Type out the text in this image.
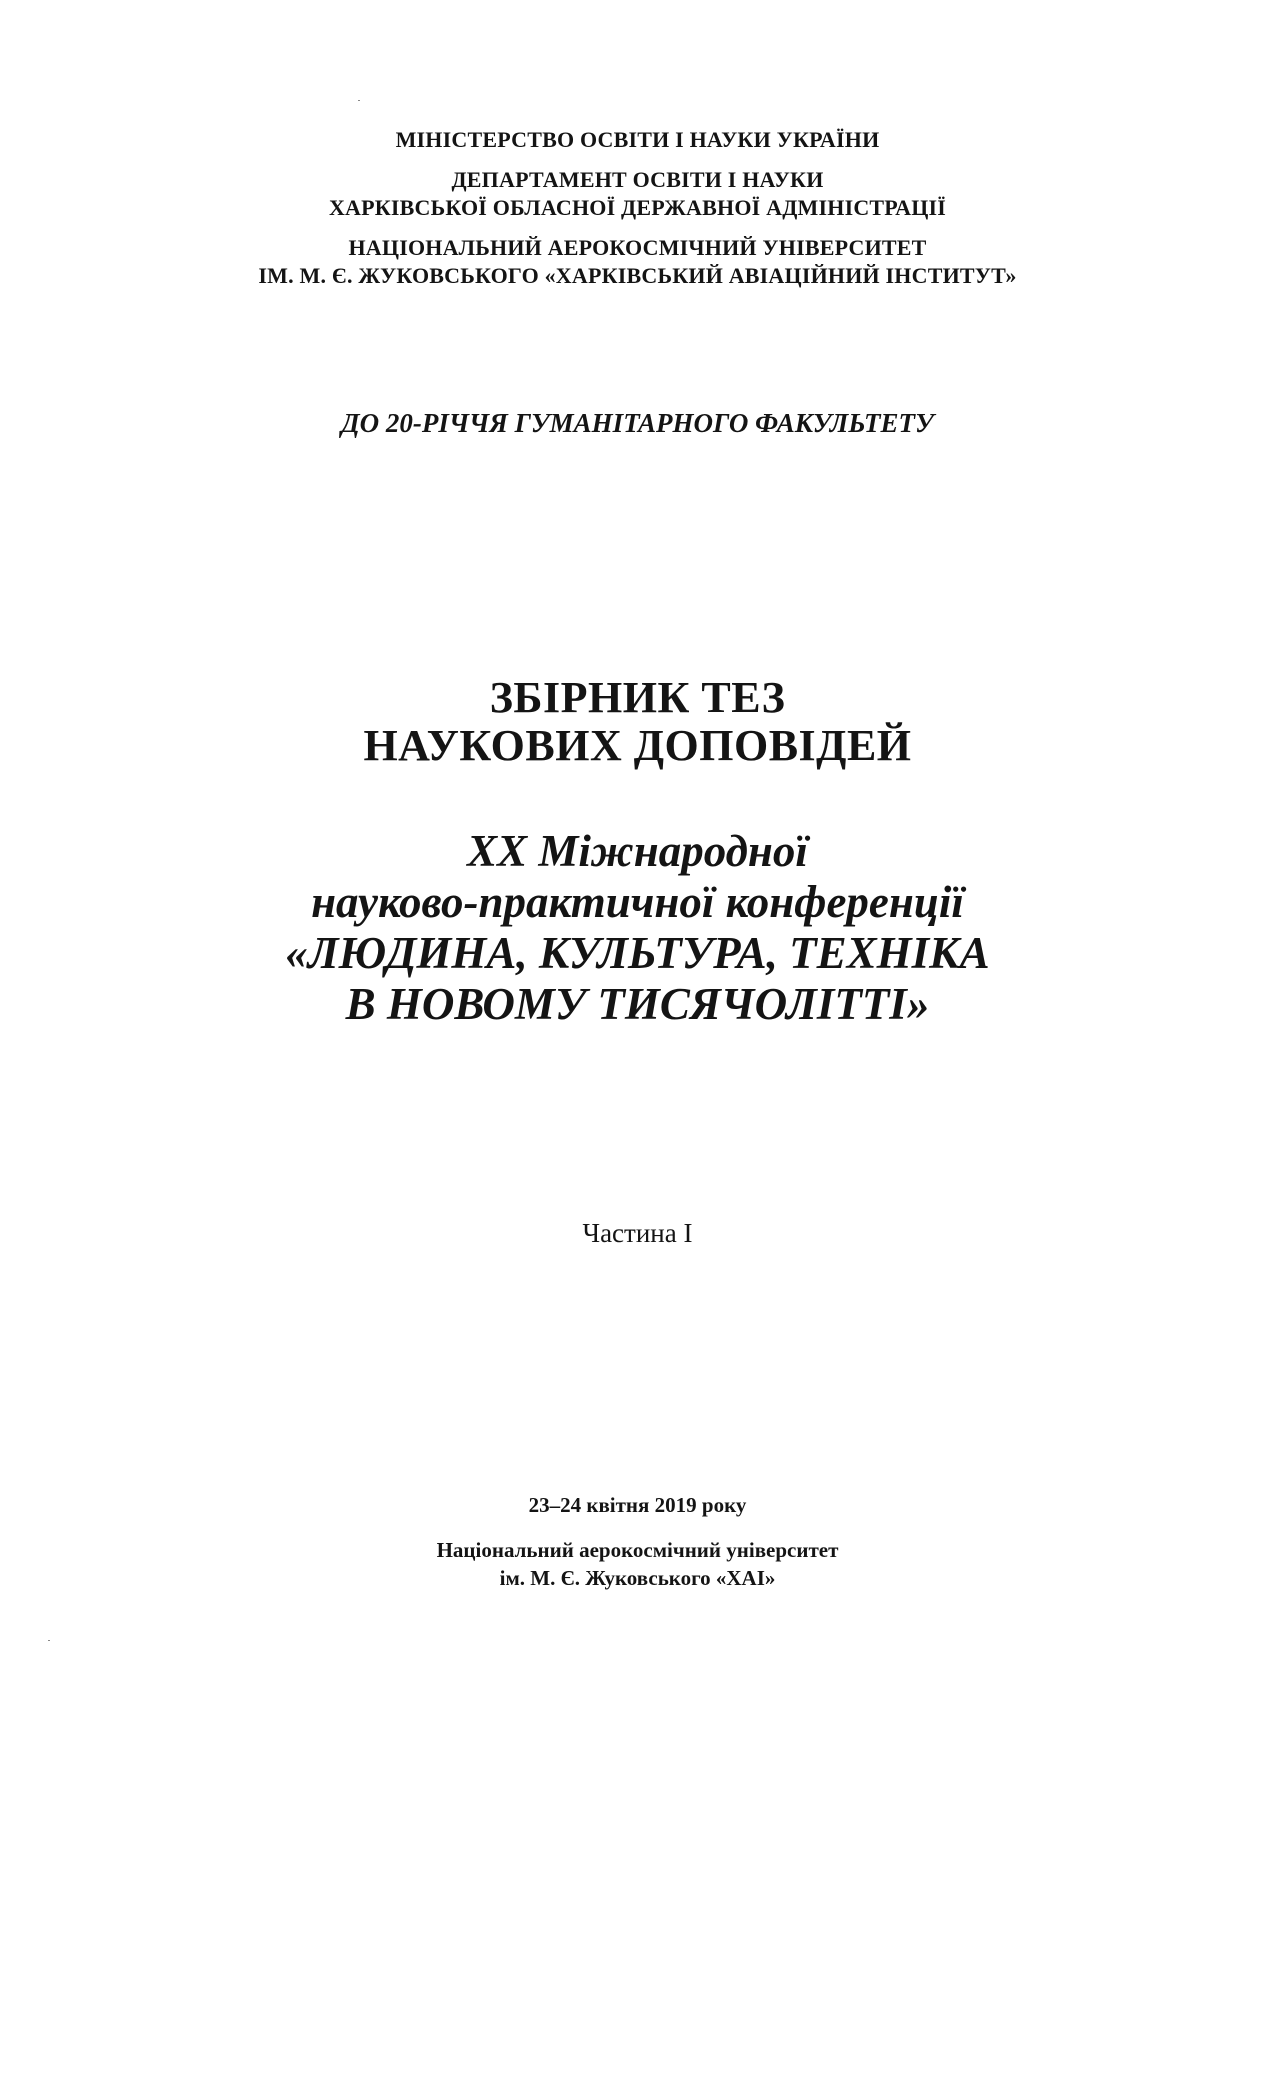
МІНІСТЕРСТВО ОСВІТИ І НАУКИ УКРАЇНИ

ДЕПАРТАМЕНТ ОСВІТИ І НАУКИ

ХАРКІВСЬКОЇ ОБЛАСНОЇ ДЕРЖАВНОЇ АДМІНІСТРАЦІЇ

НАЦІОНАЛЬНИЙ АЕРОКОСМІЧНИЙ УНІВЕРСИТЕТ

ІМ. М. Є. ЖУКОВСЬКОГО «ХАРКІВСЬКИЙ АВІАЦІЙНИЙ ІНСТИТУТ»

ДО 20-РІЧЧЯ ГУМАНІТАРНОГО ФАКУЛЬТЕТУ

ЗБІРНИК ТЕЗ

НАУКОВИХ ДОПОВІДЕЙ

XX Міжнародної

науково-практичної конференції

«ЛЮДИНА, КУЛЬТУРА, ТЕХНІКА

В НОВОМУ ТИСЯЧОЛІТТІ»

Частина I

23–24 квітня 2019 року

Національний аерокосмічний університет

ім. М. Є. Жуковського «ХАІ»
